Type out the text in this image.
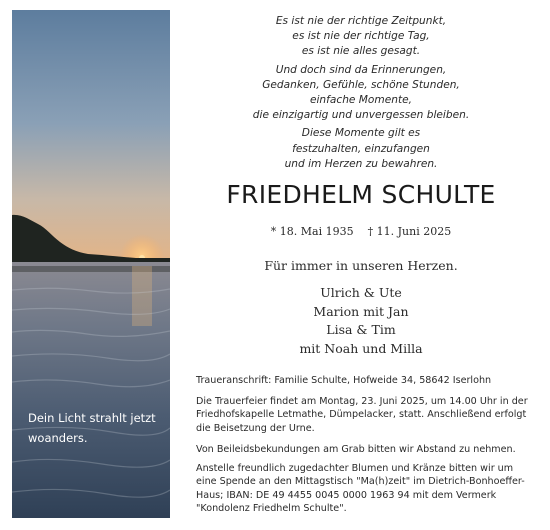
Dein Licht strahlt jetzt
woanders.

Es ist nie der richtige Zeitpunkt,
es ist nie der richtige Tag,
es ist nie alles gesagt.

Und doch sind da Erinnerungen,
Gedanken, Gefühle, schöne Stunden,
einfache Momente,
die einzigartig und unvergessen bleiben.

Diese Momente gilt es
festzuhalten, einzufangen
und im Herzen zu bewahren.

FRIEDHELM SCHULTE
* 18. Mai 1935 † 11. Juni 2025
Für immer in unseren Herzen.
Ulrich & Ute
Marion mit Jan
Lisa & Tim
mit Noah und Milla
Traueranschrift: Familie Schulte, Hofweide 34, 58642 Iserlohn
Die Trauerfeier findet am Montag, 23. Juni 2025, um 14.00 Uhr in der
Friedhofskapelle Letmathe, Dümpelacker, statt. Anschließend erfolgt
die Beisetzung der Urne.
Von Beileidsbekundungen am Grab bitten wir Abstand zu nehmen.
Anstelle freundlich zugedachter Blumen und Kränze bitten wir um
eine Spende an den Mittagstisch "Ma(h)zeit" im Dietrich-Bonhoeffer-
Haus; IBAN: DE 49 4455 0045 0000 1963 94 mit dem Vermerk
"Kondolenz Friedhelm Schulte".
